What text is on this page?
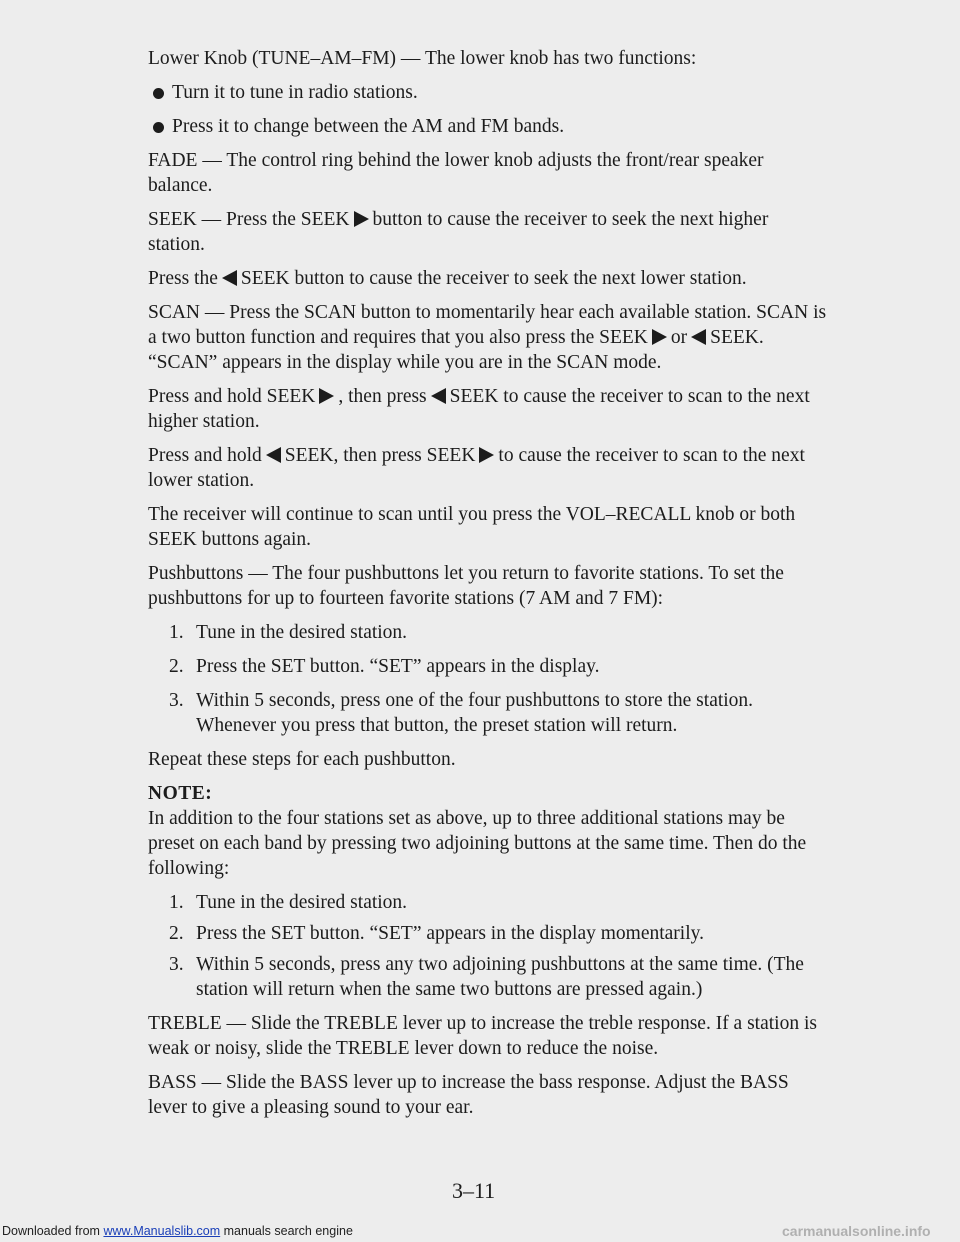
Lower Knob (TUNE–AM–FM) — The lower knob has two functions:

Turn it to tune in radio stations.
Press it to change between the AM and FM bands.

FADE — The control ring behind the lower knob adjusts the front/rear speaker balance.

SEEK — Press the SEEK button to cause the receiver to seek the next higher station.

Press the SEEK button to cause the receiver to seek the next lower station.

SCAN — Press the SCAN button to momentarily hear each available station. SCAN is a two button function and requires that you also press the SEEK or SEEK. “SCAN” appears in the display while you are in the SCAN mode.

Press and hold SEEK , then press SEEK to cause the receiver to scan to the next higher station.

Press and hold SEEK, then press SEEK to cause the receiver to scan to the next lower station.

The receiver will continue to scan until you press the VOL–RECALL knob or both SEEK buttons again.

Pushbuttons — The four pushbuttons let you return to favorite stations. To set the pushbuttons for up to fourteen favorite stations (7 AM and 7 FM):

1. Tune in the desired station.
2. Press the SET button. “SET” appears in the display.
3. Within 5 seconds, press one of the four pushbuttons to store the station. Whenever you press that button, the preset station will return.

Repeat these steps for each pushbutton.

NOTE:

In addition to the four stations set as above, up to three additional stations may be preset on each band by pressing two adjoining buttons at the same time. Then do the following:

1. Tune in the desired station.
2. Press the SET button. “SET” appears in the display momentarily.
3. Within 5 seconds, press any two adjoining pushbuttons at the same time. (The station will return when the same two buttons are pressed again.)

TREBLE — Slide the TREBLE lever up to increase the treble response. If a station is weak or noisy, slide the TREBLE lever down to reduce the noise.

BASS — Slide the BASS lever up to increase the bass response. Adjust the BASS lever to give a pleasing sound to your ear.

3–11
Downloaded from www.Manualslib.com manuals search engine	carmanualsonline.info
